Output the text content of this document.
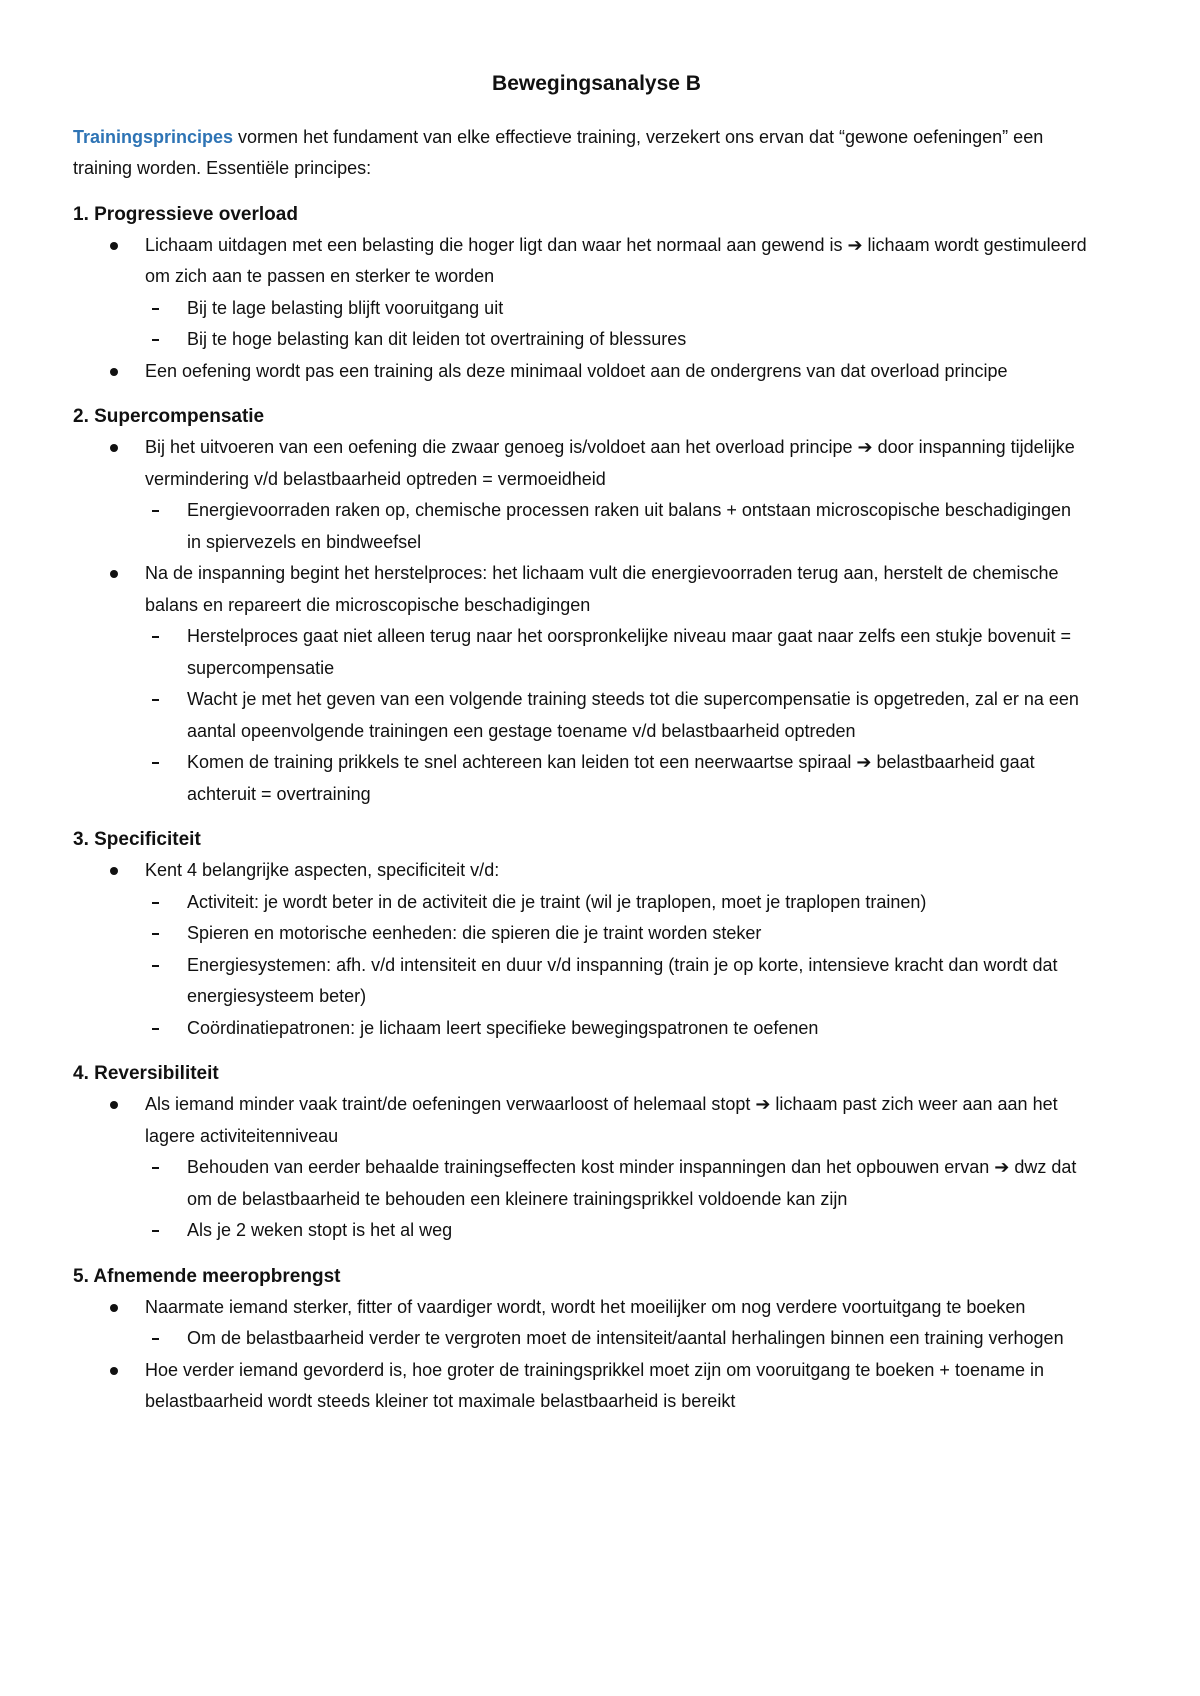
Bewegingsanalyse B

Trainingsprincipes vormen het fundament van elke effectieve training, verzekert ons ervan dat “gewone oefeningen” een training worden. Essentiële principes:

1. Progressieve overload
Lichaam uitdagen met een belasting die hoger ligt dan waar het normaal aan gewend is ➔ lichaam wordt gestimuleerd om zich aan te passen en sterker te worden
Bij te lage belasting blijft vooruitgang uit
Bij te hoge belasting kan dit leiden tot overtraining of blessures
Een oefening wordt pas een training als deze minimaal voldoet aan de ondergrens van dat overload principe
2. Supercompensatie
Bij het uitvoeren van een oefening die zwaar genoeg is/voldoet aan het overload principe ➔ door inspanning tijdelijke vermindering v/d belastbaarheid optreden = vermoeidheid
Energievoorraden raken op, chemische processen raken uit balans + ontstaan microscopische beschadigingen in spiervezels en bindweefsel
Na de inspanning begint het herstelproces: het lichaam vult die energievoorraden terug aan, herstelt de chemische balans en repareert die microscopische beschadigingen
Herstelproces gaat niet alleen terug naar het oorspronkelijke niveau maar gaat naar zelfs een stukje bovenuit = supercompensatie
Wacht je met het geven van een volgende training steeds tot die supercompensatie is opgetreden, zal er na een aantal opeenvolgende trainingen een gestage toename v/d belastbaarheid optreden
Komen de training prikkels te snel achtereen kan leiden tot een neerwaartse spiraal ➔ belastbaarheid gaat achteruit = overtraining
3. Specificiteit
Kent 4 belangrijke aspecten, specificiteit v/d:
Activiteit: je wordt beter in de activiteit die je traint (wil je traplopen, moet je traplopen trainen)
Spieren en motorische eenheden: die spieren die je traint worden steker
Energiesystemen: afh. v/d intensiteit en duur v/d inspanning (train je op korte, intensieve kracht dan wordt dat energiesysteem beter)
Coördinatiepatronen: je lichaam leert specifieke bewegingspatronen te oefenen
4. Reversibiliteit
Als iemand minder vaak traint/de oefeningen verwaarloost of helemaal stopt ➔ lichaam past zich weer aan aan het lagere activiteitenniveau
Behouden van eerder behaalde trainingseffecten kost minder inspanningen dan het opbouwen ervan ➔ dwz dat om de belastbaarheid te behouden een kleinere trainingsprikkel voldoende kan zijn
Als je 2 weken stopt is het al weg
5. Afnemende meeropbrengst
Naarmate iemand sterker, fitter of vaardiger wordt, wordt het moeilijker om nog verdere voortuitgang te boeken
Om de belastbaarheid verder te vergroten moet de intensiteit/aantal herhalingen binnen een training verhogen
Hoe verder iemand gevorderd is, hoe groter de trainingsprikkel moet zijn om vooruitgang te boeken + toename in belastbaarheid wordt steeds kleiner tot maximale belastbaarheid is bereikt
